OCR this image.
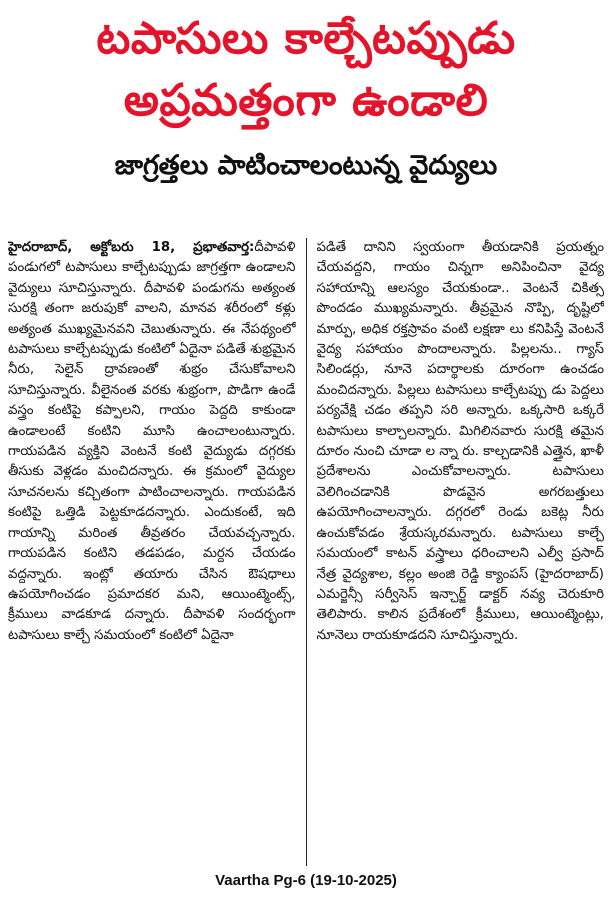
టపాసులు కాల్చేటప్పుడు
అప్రమత్తంగా ఉండాలి
జాగ్రత్తలు పాటించాలంటున్న వైద్యులు

హైదరాబాద్, అక్టోబరు 18, ప్రభాతవార్త:దీపావళి పండుగలో టపాసులు కాల్చేటప్పుడు జాగ్రత్తగా ఉండాలని వైద్యులు సూచిస్తున్నారు. దీపావళి పండుగను అత్యంత సురక్షి తంగా జరుపుకో వాలని, మానవ శరీరంలో కళ్లు అత్యంత ముఖ్యమైనవని చెబుతున్నారు. ఈ నేపథ్యంలో టపాసులు కాల్చేటప్పుడు కంటిలో ఏదైనా పడితే శుభ్రమైన నీరు, సెలైన్ ద్రావణంతో శుభ్రం చేసుకోవాలని సూచిస్తున్నారు. వీలైనంత వరకు శుభ్రంగా, పొడిగా ఉండే వస్త్రం కంటిపై కప్పాలని, గాయం పెద్దది కాకుండా ఉండాలంటే కంటిని మూసి ఉంచాలంటున్నారు. గాయపడిన వ్యక్తిని వెంటనే కంటి వైద్యుడు దగ్గరకు తీసుకు వెళ్లడం మంచిదన్నారు. ఈ క్రమంలో వైద్యుల సూచనలను కచ్చితంగా పాటించాలన్నారు. గాయపడిన కంటిపై ఒత్తిడి పెట్టకూడదన్నారు. ఎందుకంటే, ఇది గాయాన్ని మరింత తీవ్రతరం చేయవచ్చన్నారు. గాయపడిన కంటిని తడపడం, మర్దన చేయడం వద్దన్నారు. ఇంట్లో తయారు చేసిన ఔషధాలు ఉపయోగించడం ప్రమాదకర మని, ఆయింట్మెంట్స్, క్రీములు వాడకూడ దన్నారు. దీపావళి సందర్భంగా టపాసులు కాల్చే సమయంలో కంటిలో ఏదైనా

పడితే దానిని స్వయంగా తీయడానికి ప్రయత్నం చేయవద్దని, గాయం చిన్నగా అనిపించినా వైద్య సహాయాన్ని ఆలస్యం చేయకుండా.. వెంటనే చికిత్స పొందడం ముఖ్యమన్నారు. తీవ్రమైన నొప్పి, దృష్టిలో మార్పు, అధిక రక్తస్రావం వంటి లక్షణా లు కనిపిస్తే వెంటనే వైద్య సహాయం పొందాలన్నారు. పిల్లలను.. గ్యాస్ సిలిండర్లు, నూనె పదార్థాలకు దూరంగా ఉంచడం మంచిదన్నారు. పిల్లలు టపాసులు కాల్చేటప్పు డు పెద్దలు పర్యవేక్షి చడం తప్పని సరి అన్నారు. ఒక్కసారి ఒక్కరే టపాసులు కాల్చాలన్నారు. మిగిలినవారు సురక్షి తమైన దూరం నుంచి చూడా ల న్నా రు. కాల్చడానికి ఎత్తైన, ఖాళీ ప్రదేశాలను ఎంచుకోవాలన్నారు. టపాసులు వెలిగించడానికి పొడవైన అగరబత్తులు ఉపయోగించాలన్నారు. దగ్గరలో రెండు బకెట్ల నీరు ఉంచుకోవడం శ్రేయస్కరమన్నారు. టపాసులు కాల్చే సమయంలో కాటన్ వస్త్రాలు ధరించాలని ఎల్వీ ప్రసాద్ నేత్ర వైద్యశాల, కల్లం అంజి రెడ్డి క్యాంపస్ (హైదరాబాద్) ఎమర్జెన్సీ సర్వీసెస్ ఇన్చార్జ్ డాక్టర్ నవ్య చెరుకూరి తెలిపారు. కాలిన ప్రదేశంలో క్రీములు, ఆయింట్మెంట్లు, నూనెలు రాయకూడదని సూచిస్తున్నారు.

Vaartha Pg-6 (19-10-2025)
